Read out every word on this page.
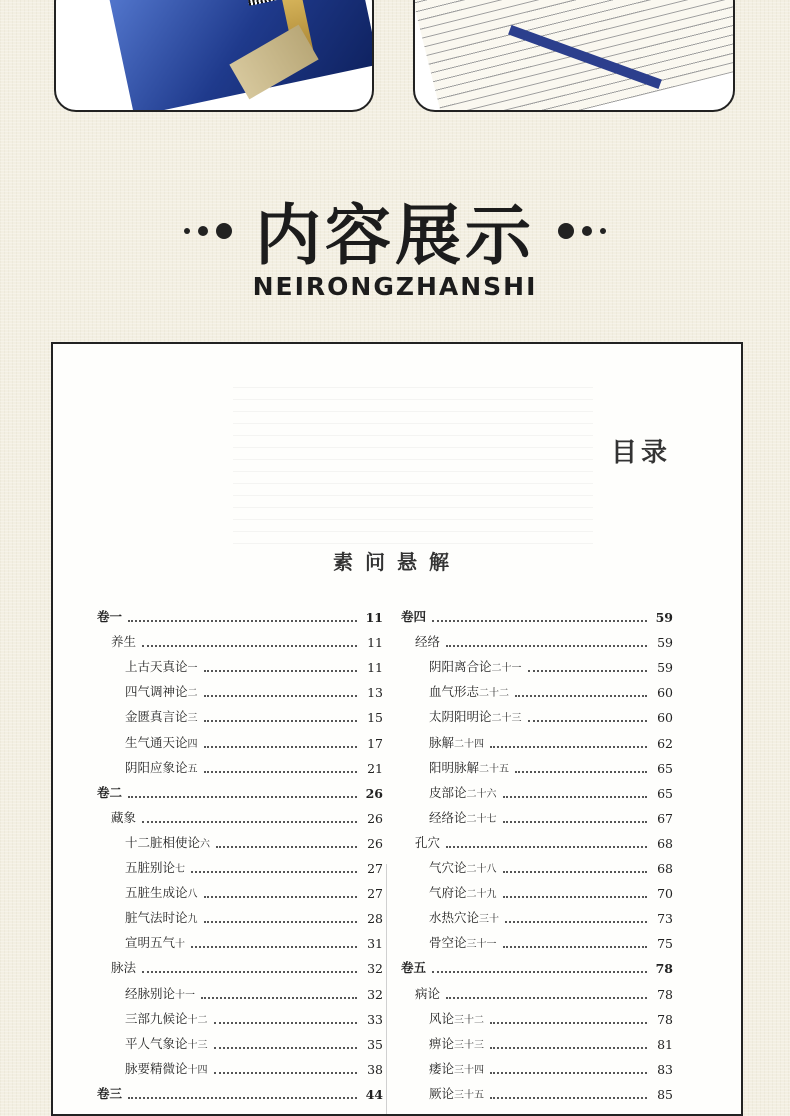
内容展示
NEIRONGZHANSHI
目录
素问悬解
卷一	11
养生	11
上古天真论一	11
四气调神论二	13
金匮真言论三	15
生气通天论四	17
阴阳应象论五	21
卷二	26
藏象	26
十二脏相使论六	26
五脏别论七	27
五脏生成论八	27
脏气法时论九	28
宣明五气十	31
脉法	32
经脉别论十一	32
三部九候论十二	33
平人气象论十三	35
脉要精微论十四	38
卷三	44
卷四	59
经络	59
阴阳离合论二十一	59
血气形志二十二	60
太阴阳明论二十三	60
脉解二十四	62
阳明脉解二十五	65
皮部论二十六	65
经络论二十七	67
孔穴	68
气穴论二十八	68
气府论二十九	70
水热穴论三十	73
骨空论三十一	75
卷五	78
病论	78
风论三十二	78
痹论三十三	81
痿论三十四	83
厥论三十五	85
